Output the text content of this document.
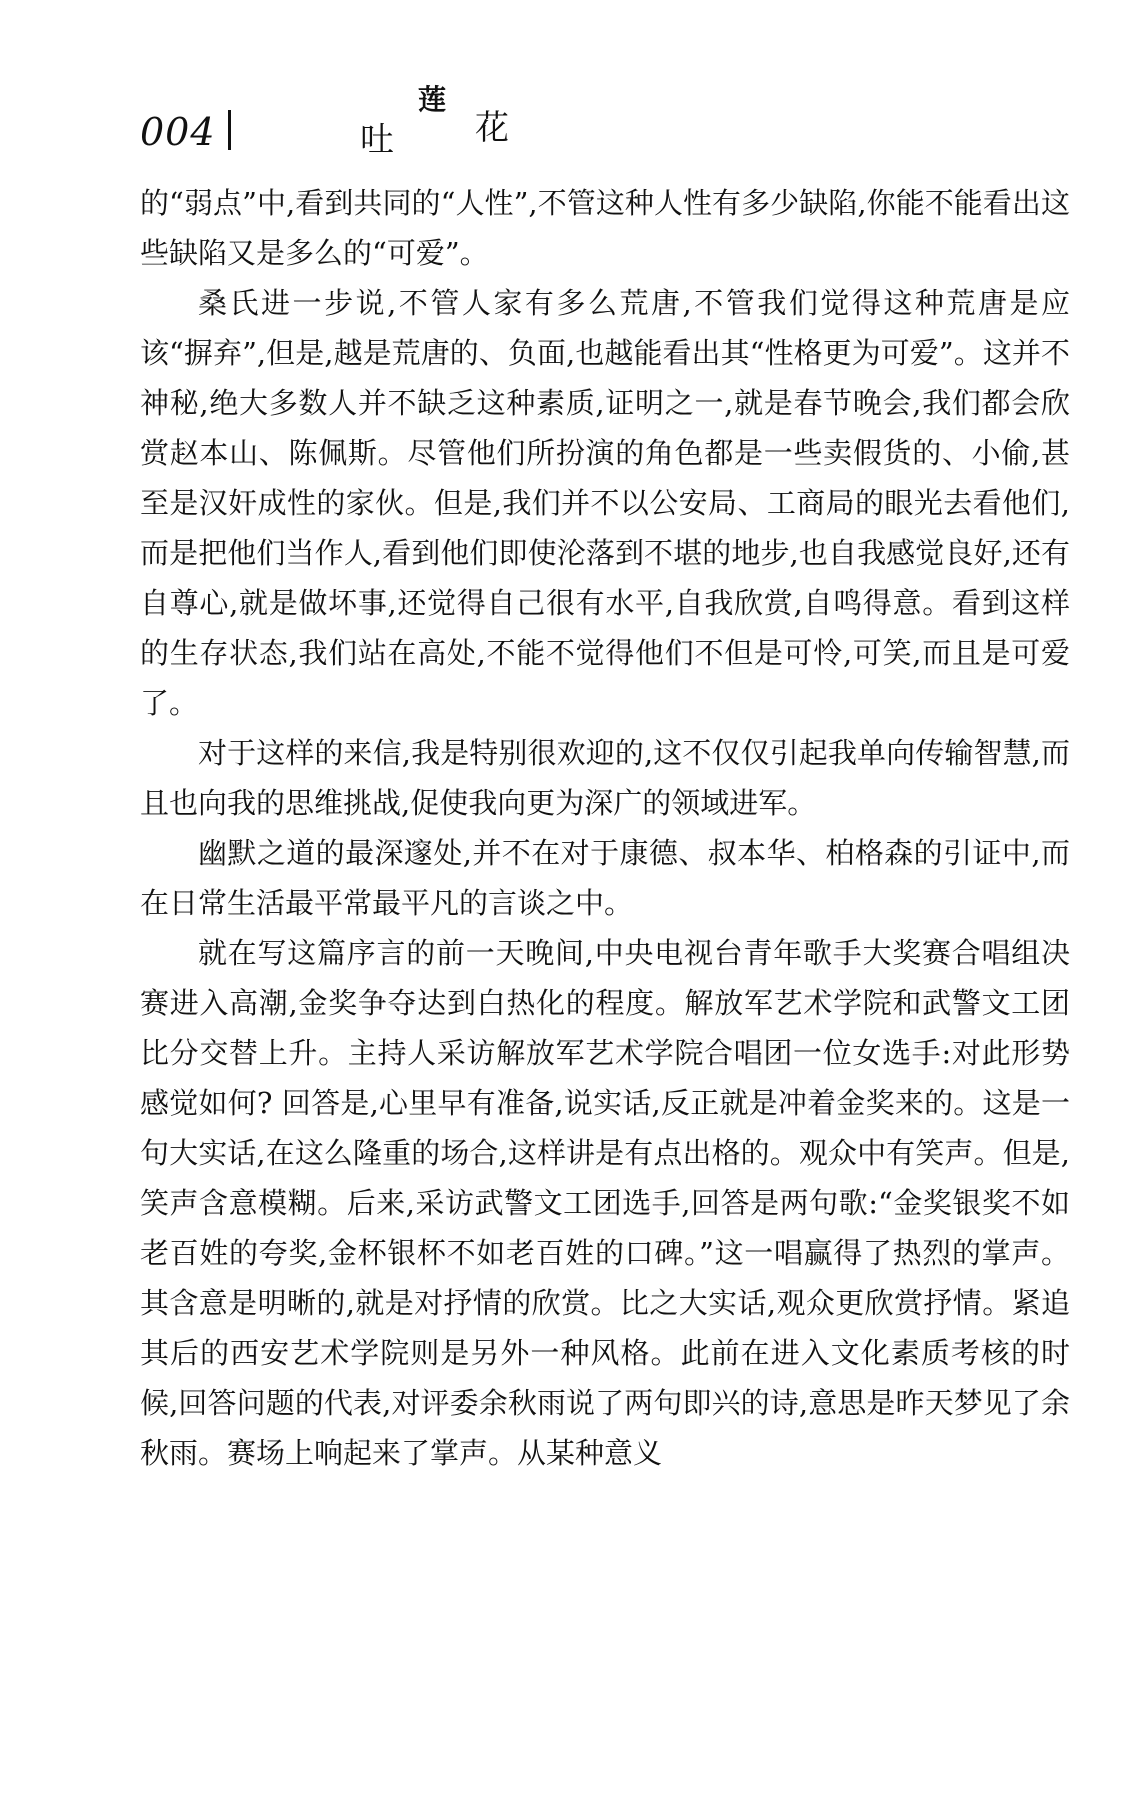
004	吐
莲
花

的“弱点”中,看到共同的“人性”,不管这种人性有多少缺陷,你能不能看出这些缺陷又是多么的“可爱”。

桑氏进一步说,不管人家有多么荒唐,不管我们觉得这种荒唐是应该“摒弃”,但是,越是荒唐的、负面,也越能看出其“性格更为可爱”。这并不神秘,绝大多数人并不缺乏这种素质,证明之一,就是春节晚会,我们都会欣赏赵本山、陈佩斯。尽管他们所扮演的角色都是一些卖假货的、小偷,甚至是汉奸成性的家伙。但是,我们并不以公安局、工商局的眼光去看他们,而是把他们当作人,看到他们即使沦落到不堪的地步,也自我感觉良好,还有自尊心,就是做坏事,还觉得自己很有水平,自我欣赏,自鸣得意。看到这样的生存状态,我们站在高处,不能不觉得他们不但是可怜,可笑,而且是可爱了。

对于这样的来信,我是特别很欢迎的,这不仅仅引起我单向传输智慧,而且也向我的思维挑战,促使我向更为深广的领域进军。

幽默之道的最深邃处,并不在对于康德、叔本华、柏格森的引证中,而在日常生活最平常最平凡的言谈之中。

就在写这篇序言的前一天晚间,中央电视台青年歌手大奖赛合唱组决赛进入高潮,金奖争夺达到白热化的程度。解放军艺术学院和武警文工团比分交替上升。主持人采访解放军艺术学院合唱团一位女选手:对此形势感觉如何? 回答是,心里早有准备,说实话,反正就是冲着金奖来的。这是一句大实话,在这么隆重的场合,这样讲是有点出格的。观众中有笑声。但是,笑声含意模糊。后来,采访武警文工团选手,回答是两句歌:“金奖银奖不如老百姓的夸奖,金杯银杯不如老百姓的口碑。”这一唱赢得了热烈的掌声。其含意是明晰的,就是对抒情的欣赏。比之大实话,观众更欣赏抒情。紧追其后的西安艺术学院则是另外一种风格。此前在进入文化素质考核的时候,回答问题的代表,对评委余秋雨说了两句即兴的诗,意思是昨天梦见了余秋雨。赛场上响起来了掌声。从某种意义
